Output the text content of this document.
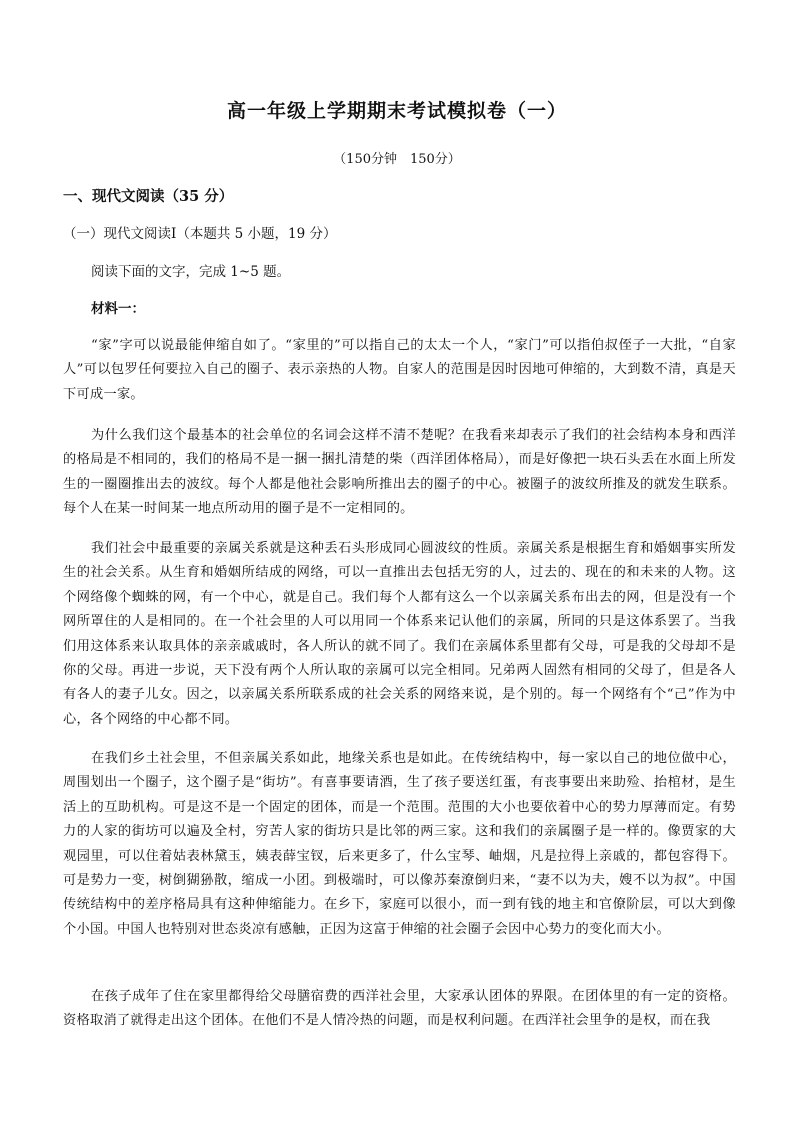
高一年级上学期期末考试模拟卷（一）
（150分钟　150分）
一、现代文阅读（35 分）
（一）现代文阅读Ⅰ（本题共 5 小题，19 分）
阅读下面的文字，完成 1~5 题。
材料一：

“家”字可以说最能伸缩自如了。“家里的”可以指自己的太太一个人，“家门”可以指伯叔侄子一大批，“自家人”可以包罗任何要拉入自己的圈子、表示亲热的人物。自家人的范围是因时因地可伸缩的，大到数不清，真是天下可成一家。

为什么我们这个最基本的社会单位的名词会这样不清不楚呢？在我看来却表示了我们的社会结构本身和西洋的格局是不相同的，我们的格局不是一捆一捆扎清楚的柴（西洋团体格局），而是好像把一块石头丢在水面上所发生的一圈圈推出去的波纹。每个人都是他社会影响所推出去的圈子的中心。被圈子的波纹所推及的就发生联系。每个人在某一时间某一地点所动用的圈子是不一定相同的。

我们社会中最重要的亲属关系就是这种丢石头形成同心圆波纹的性质。亲属关系是根据生育和婚姻事实所发生的社会关系。从生育和婚姻所结成的网络，可以一直推出去包括无穷的人，过去的、现在的和未来的人物。这个网络像个蜘蛛的网，有一个中心，就是自己。我们每个人都有这么一个以亲属关系布出去的网，但是没有一个网所罩住的人是相同的。在一个社会里的人可以用同一个体系来记认他们的亲属，所同的只是这体系罢了。当我们用这体系来认取具体的亲亲戚戚时，各人所认的就不同了。我们在亲属体系里都有父母，可是我的父母却不是你的父母。再进一步说，天下没有两个人所认取的亲属可以完全相同。兄弟两人固然有相同的父母了，但是各人有各人的妻子儿女。因之，以亲属关系所联系成的社会关系的网络来说，是个别的。每一个网络有个“己”作为中心，各个网络的中心都不同。

在我们乡土社会里，不但亲属关系如此，地缘关系也是如此。在传统结构中，每一家以自己的地位做中心，周围划出一个圈子，这个圈子是“街坊”。有喜事要请酒，生了孩子要送红蛋，有丧事要出来助殓、抬棺材，是生活上的互助机构。可是这不是一个固定的团体，而是一个范围。范围的大小也要依着中心的势力厚薄而定。有势力的人家的街坊可以遍及全村，穷苦人家的街坊只是比邻的两三家。这和我们的亲属圈子是一样的。像贾家的大观园里，可以住着姑表林黛玉，姨表薛宝钗，后来更多了，什么宝琴、岫烟，凡是拉得上亲戚的，都包容得下。可是势力一变，树倒猢狲散，缩成一小团。到极端时，可以像苏秦潦倒归来，“妻不以为夫，嫂不以为叔”。中国传统结构中的差序格局具有这种伸缩能力。在乡下，家庭可以很小，而一到有钱的地主和官僚阶层，可以大到像个小国。中国人也特别对世态炎凉有感触，正因为这富于伸缩的社会圈子会因中心势力的变化而大小。

在孩子成年了住在家里都得给父母膳宿费的西洋社会里，大家承认团体的界限。在团体里的有一定的资格。资格取消了就得走出这个团体。在他们不是人情冷热的问题，而是权利问题。在西洋社会里争的是权，而在我
